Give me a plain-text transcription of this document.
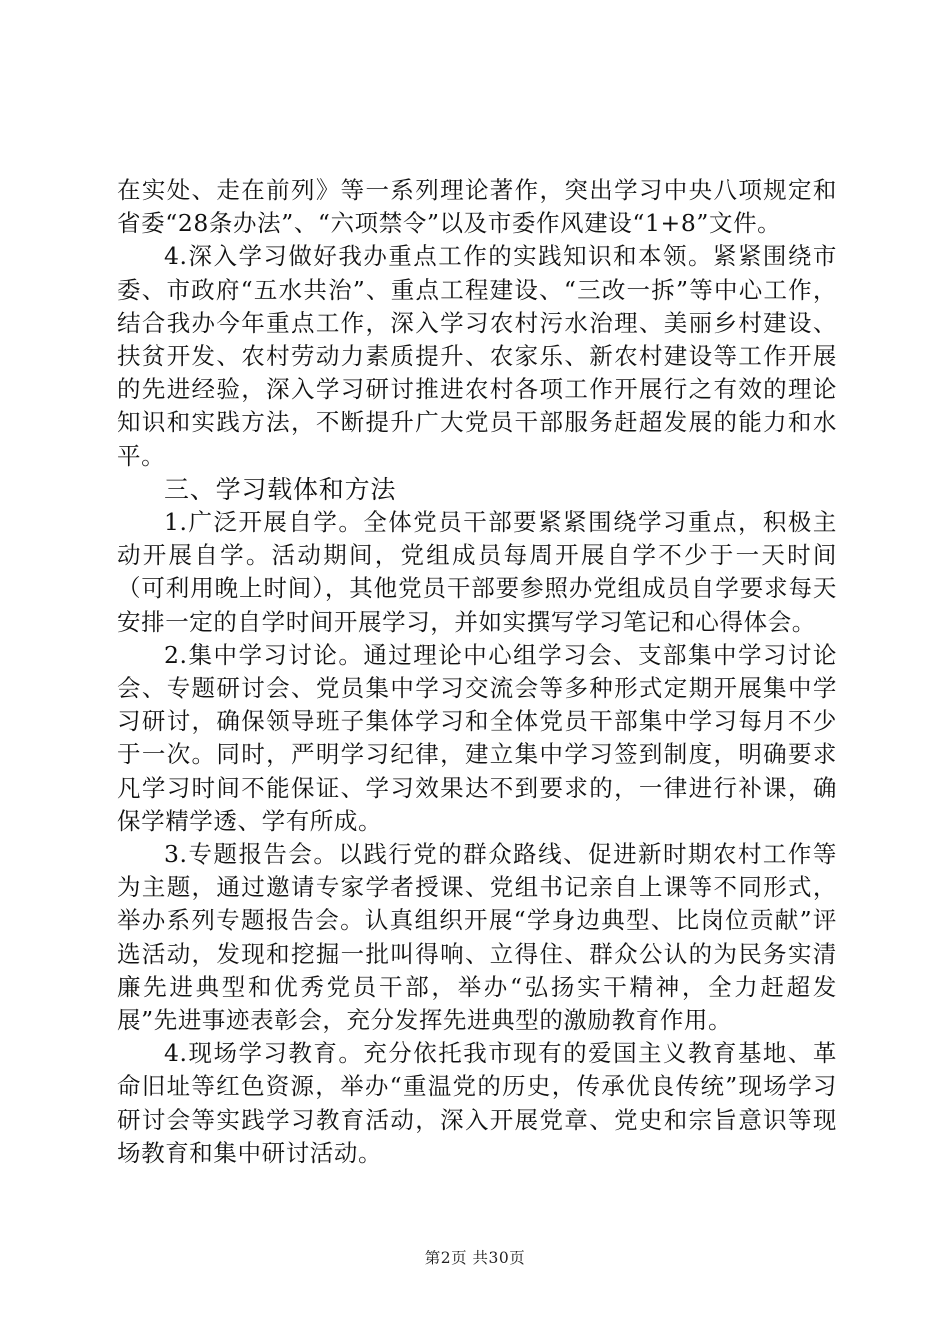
在实处、走在前列》等一系列理论著作，突出学习中央八项规定和省委“28条办法”、“六项禁令”以及市委作风建设“1+8”文件。

4.深入学习做好我办重点工作的实践知识和本领。紧紧围绕市委、市政府“五水共治”、重点工程建设、“三改一拆”等中心工作，结合我办今年重点工作，深入学习农村污水治理、美丽乡村建设、扶贫开发、农村劳动力素质提升、农家乐、新农村建设等工作开展的先进经验，深入学习研讨推进农村各项工作开展行之有效的理论知识和实践方法，不断提升广大党员干部服务赶超发展的能力和水平。

三、学习载体和方法

1.广泛开展自学。全体党员干部要紧紧围绕学习重点，积极主动开展自学。活动期间，党组成员每周开展自学不少于一天时间（可利用晚上时间），其他党员干部要参照办党组成员自学要求每天安排一定的自学时间开展学习，并如实撰写学习笔记和心得体会。

2.集中学习讨论。通过理论中心组学习会、支部集中学习讨论会、专题研讨会、党员集中学习交流会等多种形式定期开展集中学习研讨，确保领导班子集体学习和全体党员干部集中学习每月不少于一次。同时，严明学习纪律，建立集中学习签到制度，明确要求凡学习时间不能保证、学习效果达不到要求的，一律进行补课，确保学精学透、学有所成。

3.专题报告会。以践行党的群众路线、促进新时期农村工作等为主题，通过邀请专家学者授课、党组书记亲自上课等不同形式，举办系列专题报告会。认真组织开展“学身边典型、比岗位贡献”评选活动，发现和挖掘一批叫得响、立得住、群众公认的为民务实清廉先进典型和优秀党员干部，举办“弘扬实干精神，全力赶超发展”先进事迹表彰会，充分发挥先进典型的激励教育作用。

4.现场学习教育。充分依托我市现有的爱国主义教育基地、革命旧址等红色资源，举办“重温党的历史，传承优良传统”现场学习研讨会等实践学习教育活动，深入开展党章、党史和宗旨意识等现场教育和集中研讨活动。

第2页 共30页
